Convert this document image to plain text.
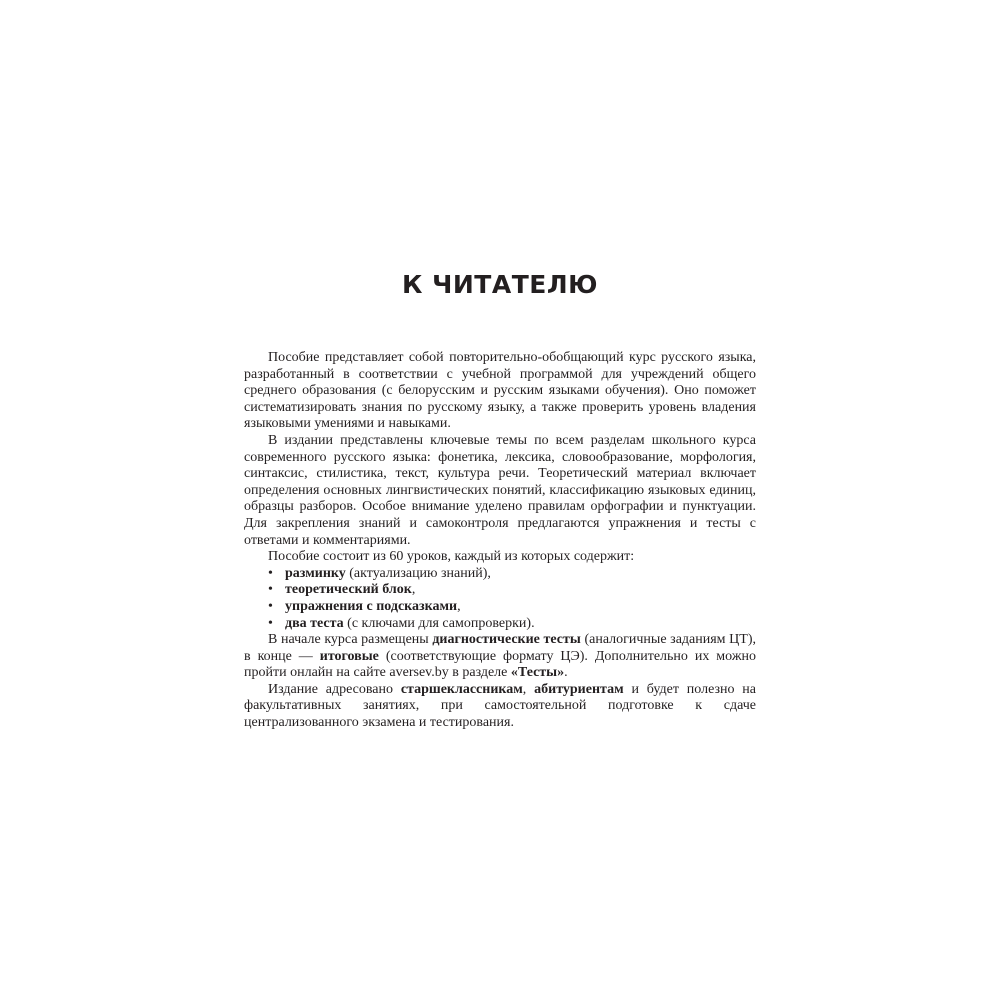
К ЧИТАТЕЛЮ

Пособие представляет собой повторительно-обобщающий курс русского языка, разработанный в соответствии с учебной программой для учреждений общего среднего образования (с белорусским и русским языками обучения). Оно поможет систематизировать знания по русскому языку, а также проверить уровень владения языковыми умениями и навыками.

В издании представлены ключевые темы по всем разделам школьного курса современного русского языка: фонетика, лексика, словообразование, морфология, синтаксис, стилистика, текст, культура речи. Теоретический материал включает определения основных лингвистических понятий, классификацию языковых единиц, образцы разборов. Особое внимание уделено правилам орфографии и пунктуации. Для закрепления знаний и самоконтроля предлагаются упражнения и тесты с ответами и комментариями.

Пособие состоит из 60 уроков, каждый из которых содержит:

• разминку (актуализацию знаний),
• теоретический блок,
• упражнения с подсказками,
• два теста (с ключами для самопроверки).

В начале курса размещены диагностические тесты (аналогичные заданиям ЦТ), в конце — итоговые (соответствующие формату ЦЭ). Дополнительно их можно пройти онлайн на сайте aversev.by в разделе «Тесты».

Издание адресовано старшеклассникам, абитуриентам и будет полезно на факультативных занятиях, при самостоятельной подготовке к сдаче централизованного экзамена и тестирования.
